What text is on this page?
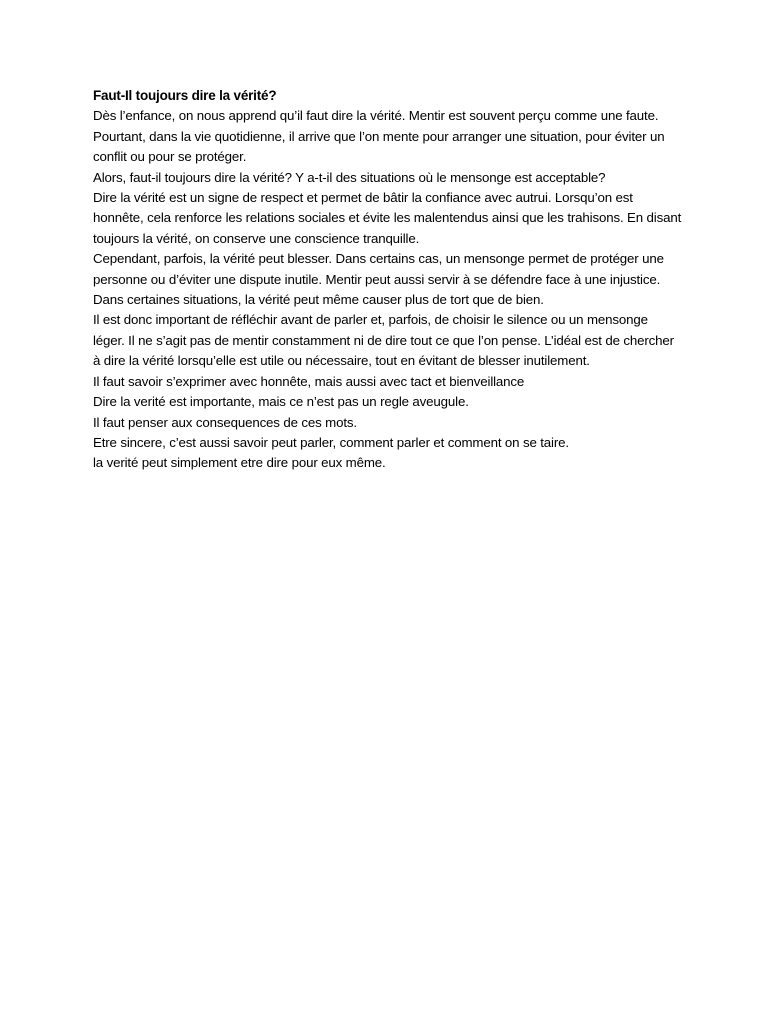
Faut-Il toujours dire la vérité?

Dès l’enfance, on nous apprend qu’il faut dire la vérité. Mentir est souvent perçu comme une faute. Pourtant, dans la vie quotidienne, il arrive que l’on mente pour arranger une situation, pour éviter un conflit ou pour se protéger.

Alors, faut-il toujours dire la vérité? Y a-t-il des situations où le mensonge est acceptable?

Dire la vérité est un signe de respect et permet de bâtir la confiance avec autrui. Lorsqu’on est honnête, cela renforce les relations sociales et évite les malentendus ainsi que les trahisons. En disant toujours la vérité, on conserve une conscience tranquille.

Cependant, parfois, la vérité peut blesser. Dans certains cas, un mensonge permet de protéger une personne ou d’éviter une dispute inutile. Mentir peut aussi servir à se défendre face à une injustice. Dans certaines situations, la vérité peut même causer plus de tort que de bien.

Il est donc important de réfléchir avant de parler et, parfois, de choisir le silence ou un mensonge léger. Il ne s’agit pas de mentir constamment ni de dire tout ce que l’on pense. L’idéal est de chercher à dire la vérité lorsqu’elle est utile ou nécessaire, tout en évitant de blesser inutilement.

Il faut savoir s’exprimer avec honnête, mais aussi avec tact et bienveillance

Dire la verité est importante, mais ce n’est pas un regle aveugule.

Il faut penser aux consequences de ces mots.

Etre sincere, c’est aussi savoir peut parler, comment parler et comment on se taire.

la verité peut simplement etre dire pour eux même.
